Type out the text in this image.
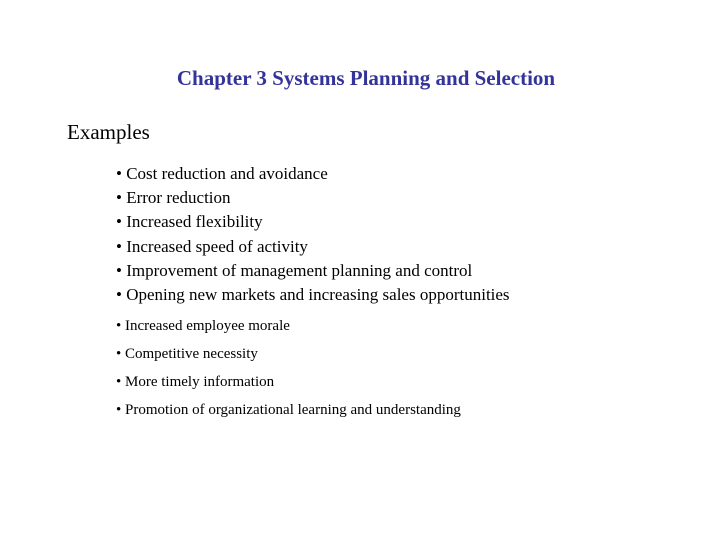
Chapter 3 Systems Planning and Selection
Examples
• Cost reduction and avoidance
• Error reduction
• Increased flexibility
• Increased speed of activity
• Improvement of management planning and control
• Opening new markets and increasing sales opportunities
• Increased employee morale
• Competitive necessity
• More timely information
• Promotion of organizational learning and understanding
